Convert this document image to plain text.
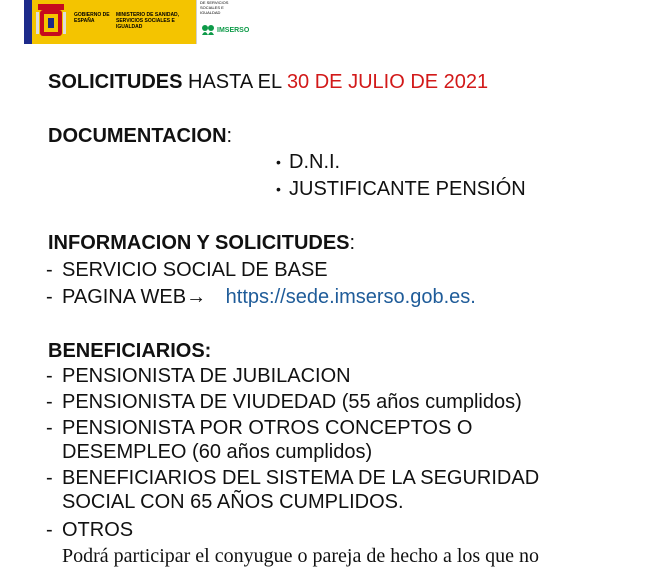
GOBIERNO DE ESPAÑA
MINISTERIO DE SANIDAD, SERVICIOS SOCIALES E IGUALDAD
DE SERVICIOS SOCIALES E IGUALDAD
IMSERSO
SOLICITUDES HASTA EL 30 DE JULIO DE 2021
DOCUMENTACION:
• D.N.I.
• JUSTIFICANTE PENSIÓN
INFORMACION Y SOLICITUDES:
- SERVICIO SOCIAL DE BASE
- PAGINA WEB→ https://sede.imserso.gob.es.
BENEFICIARIOS:
- PENSIONISTA DE JUBILACION
- PENSIONISTA DE VIUDEDAD (55 años cumplidos)
- PENSIONISTA POR OTROS CONCEPTOS O
DESEMPLEO (60 años cumplidos)
- BENEFICIARIOS DEL SISTEMA DE LA SEGURIDAD
SOCIAL CON 65 AÑOS CUMPLIDOS.
- OTROS
Podrá participar el conyugue o pareja de hecho a los que no
